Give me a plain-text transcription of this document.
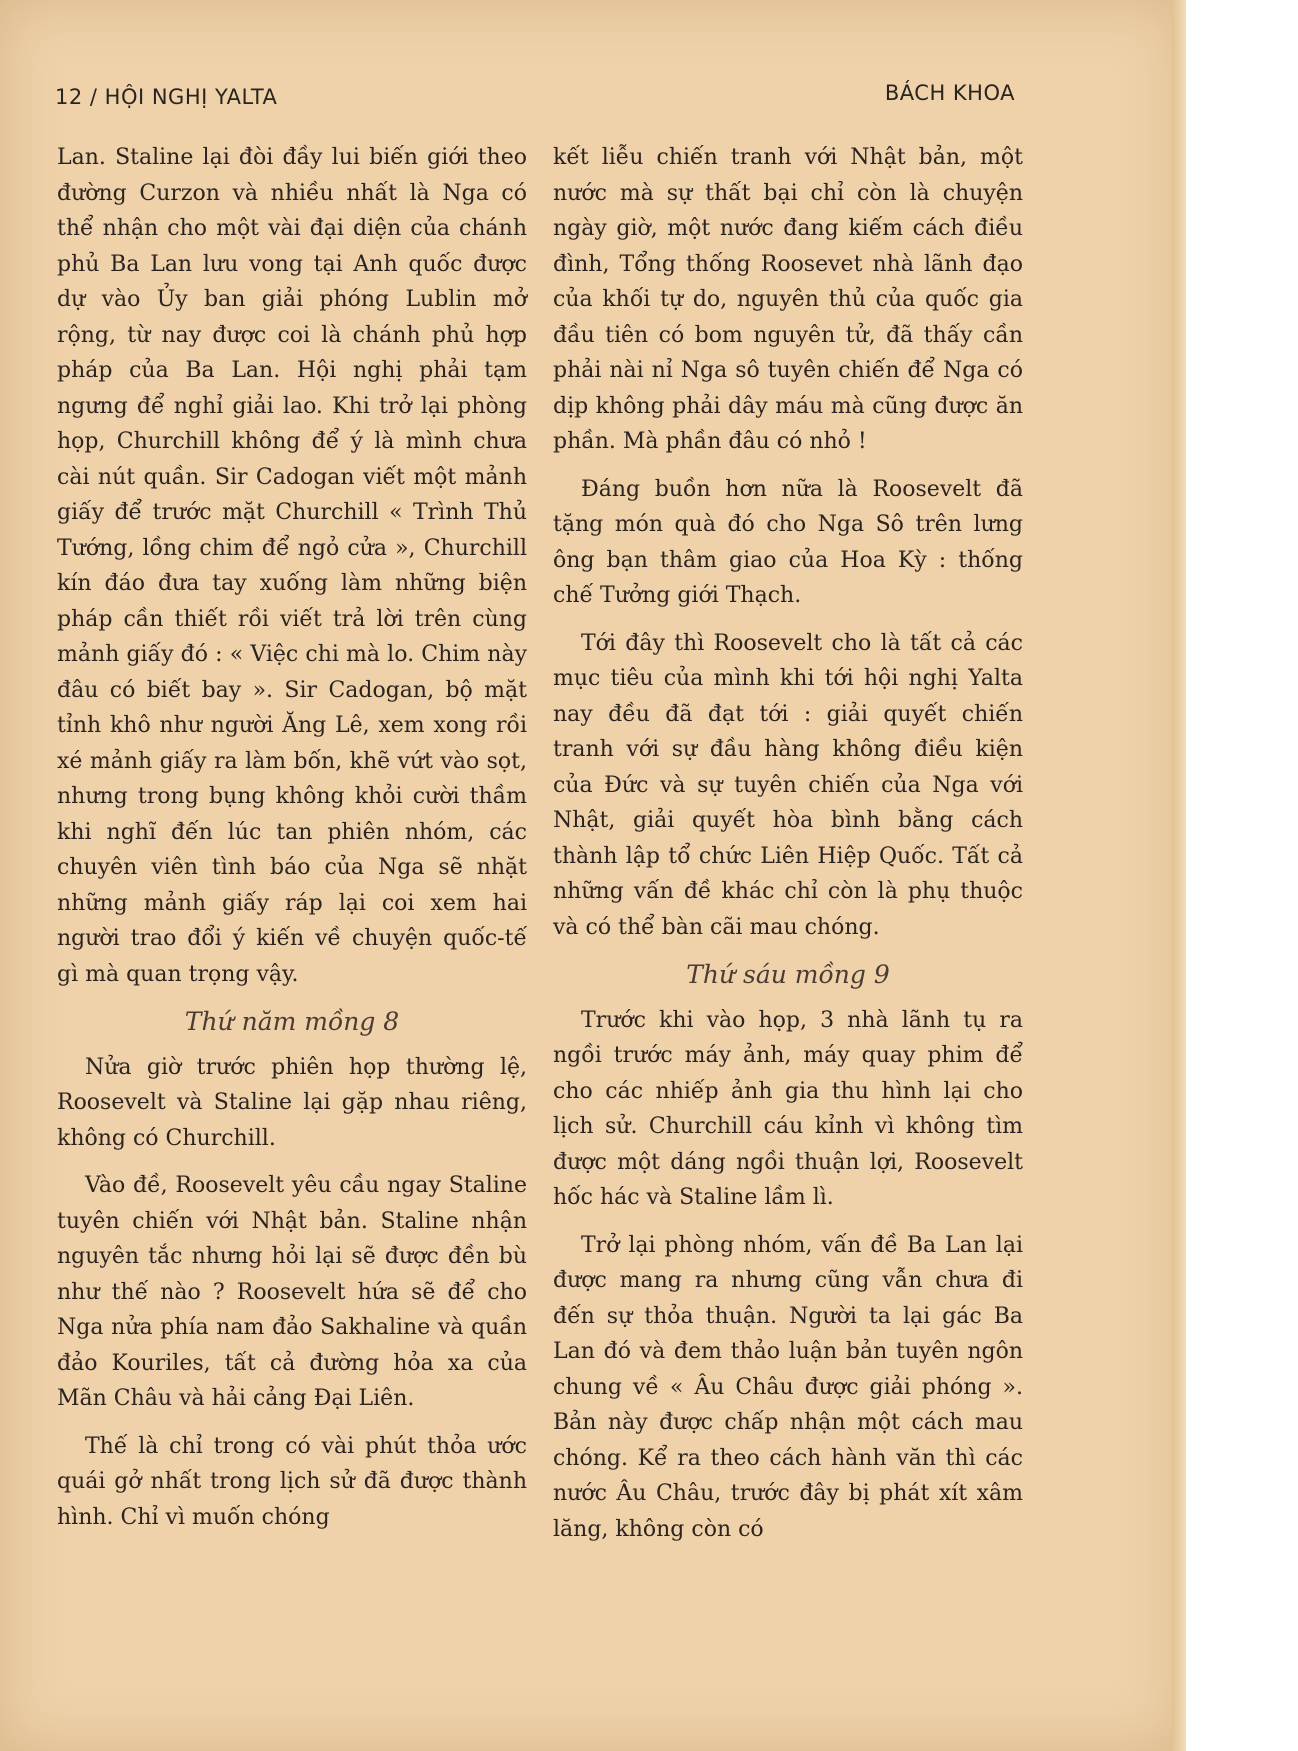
12 / HỘI NGHỊ YALTA	BÁCH KHOA

Lan. Staline lại đòi đầy lui biến giới theo đường Curzon và nhiều nhất là Nga có thể nhận cho một vài đại diện của chánh phủ Ba Lan lưu vong tại Anh quốc được dự vào Ủy ban giải phóng Lublin mở rộng, từ nay được coi là chánh phủ hợp pháp của Ba Lan. Hội nghị phải tạm ngưng để nghỉ giải lao. Khi trở lại phòng họp, Churchill không để ý là mình chưa cài nút quần. Sir Cadogan viết một mảnh giấy để trước mặt Churchill « Trình Thủ Tướng, lồng chim để ngỏ cửa », Churchill kín đáo đưa tay xuống làm những biện pháp cần thiết rồi viết trả lời trên cùng mảnh giấy đó : « Việc chi mà lo. Chim này đâu có biết bay ». Sir Cadogan, bộ mặt tỉnh khô như người Ăng Lê, xem xong rồi xé mảnh giấy ra làm bốn, khẽ vứt vào sọt, nhưng trong bụng không khỏi cười thầm khi nghĩ đến lúc tan phiên nhóm, các chuyên viên tình báo của Nga sẽ nhặt những mảnh giấy ráp lại coi xem hai người trao đổi ý kiến về chuyện quốc-tế gì mà quan trọng vậy.

Thứ năm mồng 8

Nửa giờ trước phiên họp thường lệ, Roosevelt và Staline lại gặp nhau riêng, không có Churchill.

Vào đề, Roosevelt yêu cầu ngay Staline tuyên chiến với Nhật bản. Staline nhận nguyên tắc nhưng hỏi lại sẽ được đền bù như thế nào ? Roosevelt hứa sẽ để cho Nga nửa phía nam đảo Sakhaline và quần đảo Kouriles, tất cả đường hỏa xa của Mãn Châu và hải cảng Đại Liên.

Thế là chỉ trong có vài phút thỏa ước quái gở nhất trong lịch sử đã được thành hình. Chỉ vì muốn chóng

kết liễu chiến tranh với Nhật bản, một nước mà sự thất bại chỉ còn là chuyện ngày giờ, một nước đang kiếm cách điều đình, Tổng thống Roosevet nhà lãnh đạo của khối tự do, nguyên thủ của quốc gia đầu tiên có bom nguyên tử, đã thấy cần phải nài nỉ Nga sô tuyên chiến để Nga có dịp không phải dây máu mà cũng được ăn phần. Mà phần đâu có nhỏ !

Đáng buồn hơn nữa là Roosevelt đã tặng món quà đó cho Nga Sô trên lưng ông bạn thâm giao của Hoa Kỳ : thống chế Tưởng giới Thạch.

Tới đây thì Roosevelt cho là tất cả các mục tiêu của mình khi tới hội nghị Yalta nay đều đã đạt tới : giải quyết chiến tranh với sự đầu hàng không điều kiện của Đức và sự tuyên chiến của Nga với Nhật, giải quyết hòa bình bằng cách thành lập tổ chức Liên Hiệp Quốc. Tất cả những vấn đề khác chỉ còn là phụ thuộc và có thể bàn cãi mau chóng.

Thứ sáu mồng 9

Trước khi vào họp, 3 nhà lãnh tụ ra ngồi trước máy ảnh, máy quay phim để cho các nhiếp ảnh gia thu hình lại cho lịch sử. Churchill cáu kỉnh vì không tìm được một dáng ngồi thuận lợi, Roosevelt hốc hác và Staline lầm lì.

Trở lại phòng nhóm, vấn đề Ba Lan lại được mang ra nhưng cũng vẫn chưa đi đến sự thỏa thuận. Người ta lại gác Ba Lan đó và đem thảo luận bản tuyên ngôn chung về « Âu Châu được giải phóng ». Bản này được chấp nhận một cách mau chóng. Kể ra theo cách hành văn thì các nước Âu Châu, trước đây bị phát xít xâm lăng, không còn có
